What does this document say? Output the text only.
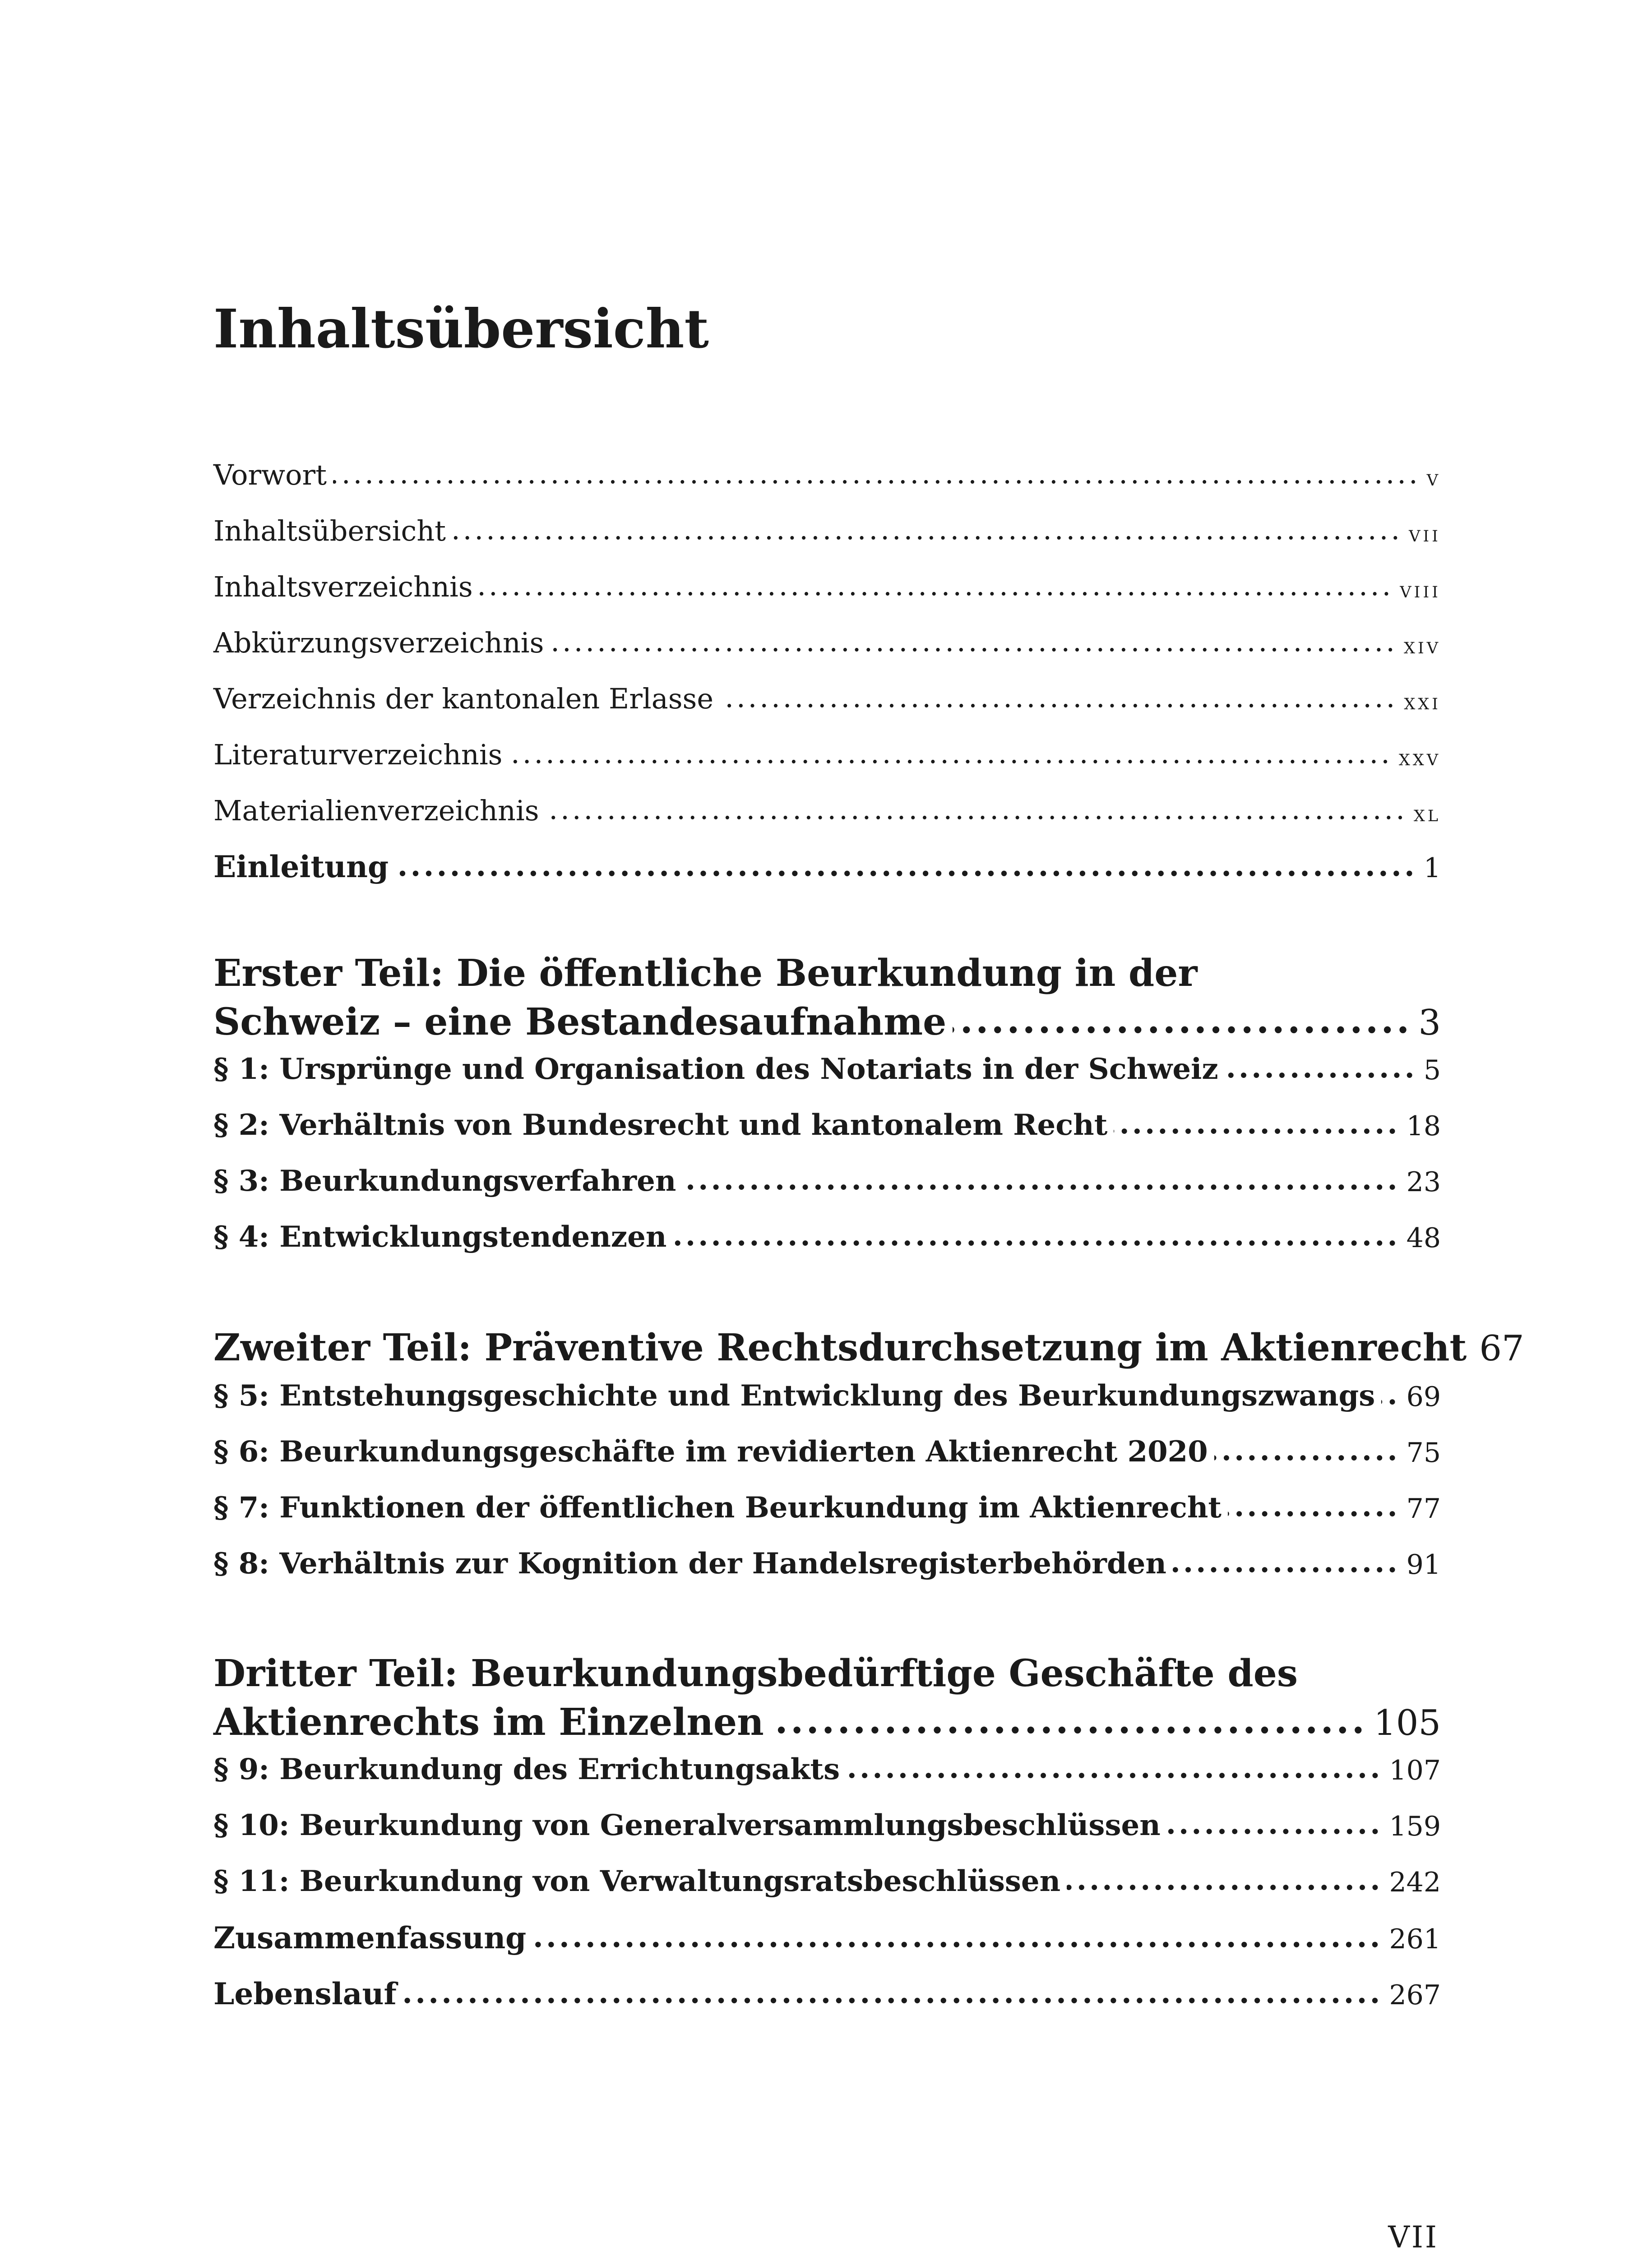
Inhaltsübersicht
Vorwort .....	v
Inhaltsübersicht .....	vii
Inhaltsverzeichnis .....	viii
Abkürzungsverzeichnis .....	xiv
Verzeichnis der kantonalen Erlasse .....	xxi
Literaturverzeichnis .....	xxv
Materialienverzeichnis .....	xl
Einleitung .....	1
Erster Teil: Die öffentliche Beurkundung in der
Schweiz – eine Bestandesaufnahme .....	3
§ 1: Ursprünge und Organisation des Notariats in der Schweiz .....	5
§ 2: Verhältnis von Bundesrecht und kantonalem Recht .....	18
§ 3: Beurkundungsverfahren .....	23
§ 4: Entwicklungstendenzen .....	48
Zweiter Teil: Präventive Rechtsdurchsetzung im Aktienrecht 67
§ 5: Entstehungsgeschichte und Entwicklung des Beurkundungszwangs ..... 69
§ 6: Beurkundungsgeschäfte im revidierten Aktienrecht 2020 .....	75
§ 7: Funktionen der öffentlichen Beurkundung im Aktienrecht .....	77
§ 8: Verhältnis zur Kognition der Handelsregisterbehörden .....	91
Dritter Teil: Beurkundungsbedürftige Geschäfte des
Aktienrechts im Einzelnen .....	105
§ 9: Beurkundung des Errichtungsakts .....	107
§ 10: Beurkundung von Generalversammlungsbeschlüssen .....	159
§ 11: Beurkundung von Verwaltungsratsbeschlüssen .....	242
Zusammenfassung .....	261
Lebenslauf .....	267
VII
